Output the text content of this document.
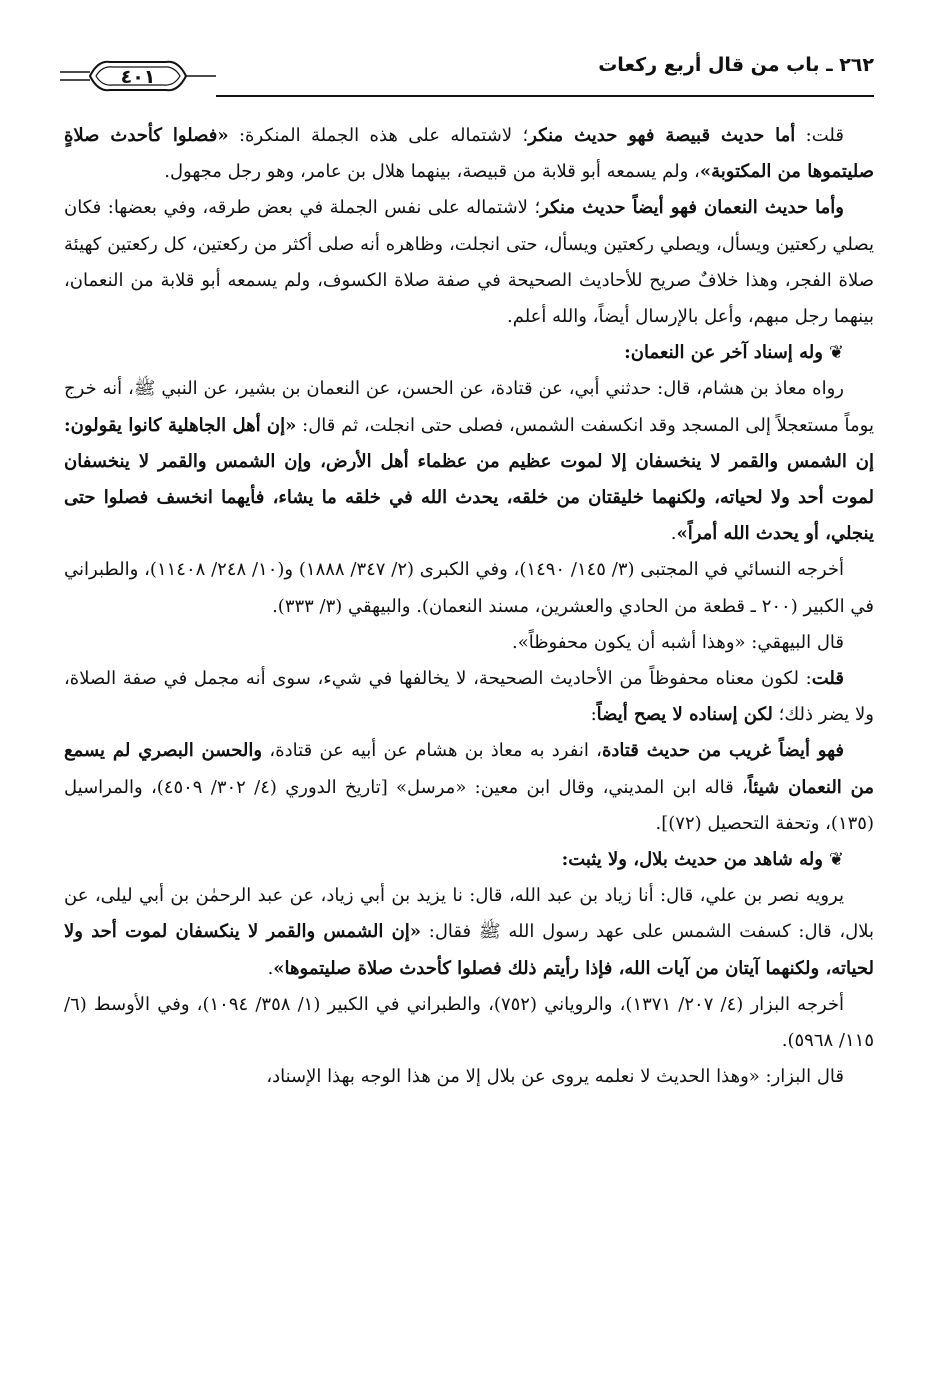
٢٦٢ ـ باب من قال أربع ركعات
٤٠١

قلت: أما حديث قبيصة فهو حديث منكر؛ لاشتماله على هذه الجملة المنكرة: «فصلوا كأحدث صلاةٍ صليتموها من المكتوبة»، ولم يسمعه أبو قلابة من قبيصة، بينهما هلال بن عامر، وهو رجل مجهول.

وأما حديث النعمان فهو أيضاً حديث منكر؛ لاشتماله على نفس الجملة في بعض طرقه، وفي بعضها: فكان يصلي ركعتين ويسأل، ويصلي ركعتين ويسأل، حتى انجلت، وظاهره أنه صلى أكثر من ركعتين، كل ركعتين كهيئة صلاة الفجر، وهذا خلافٌ صريح للأحاديث الصحيحة في صفة صلاة الكسوف، ولم يسمعه أبو قلابة من النعمان، بينهما رجل مبهم، وأعل بالإرسال أيضاً، والله أعلم.

❦وله إسناد آخر عن النعمان:

رواه معاذ بن هشام، قال: حدثني أبي، عن قتادة، عن الحسن، عن النعمان بن بشير، عن النبي ﷺ، أنه خرج يوماً مستعجلاً إلى المسجد وقد انكسفت الشمس، فصلى حتى انجلت، ثم قال: «إن أهل الجاهلية كانوا يقولون: إن الشمس والقمر لا ينخسفان إلا لموت عظيم من عظماء أهل الأرض، وإن الشمس والقمر لا ينخسفان لموت أحد ولا لحياته، ولكنهما خليقتان من خلقه، يحدث الله في خلقه ما يشاء، فأيهما انخسف فصلوا حتى ينجلي، أو يحدث الله أمراً».

أخرجه النسائي في المجتبى (٣/ ١٤٥/ ١٤٩٠)، وفي الكبرى (٢/ ٣٤٧/ ١٨٨٨) و(١٠/ ٢٤٨/ ١١٤٠٨)، والطبراني في الكبير (٢٠٠ ـ قطعة من الحادي والعشرين، مسند النعمان). والبيهقي (٣/ ٣٣٣).

قال البيهقي: «وهذا أشبه أن يكون محفوظاً».

قلت: لكون معناه محفوظاً من الأحاديث الصحيحة، لا يخالفها في شيء، سوى أنه مجمل في صفة الصلاة، ولا يضر ذلك؛ لكن إسناده لا يصح أيضاً:

فهو أيضاً غريب من حديث قتادة، انفرد به معاذ بن هشام عن أبيه عن قتادة، والحسن البصري لم يسمع من النعمان شيئاً، قاله ابن المديني، وقال ابن معين: «مرسل» [تاريخ الدوري (٤/ ٣٠٢/ ٤٥٠٩)، والمراسيل (١٣٥)، وتحفة التحصيل (٧٢)].

❦وله شاهد من حديث بلال، ولا يثبت:

يرويه نصر بن علي، قال: أنا زياد بن عبد الله، قال: نا يزيد بن أبي زياد، عن عبد الرحمٰن بن أبي ليلى، عن بلال، قال: كسفت الشمس على عهد رسول الله ﷺ فقال: «إن الشمس والقمر لا ينكسفان لموت أحد ولا لحياته، ولكنهما آيتان من آيات الله، فإذا رأيتم ذلك فصلوا كأحدث صلاة صليتموها».

أخرجه البزار (٤/ ٢٠٧/ ١٣٧١)، والروياني (٧٥٢)، والطبراني في الكبير (١/ ٣٥٨/ ١٠٩٤)، وفي الأوسط (٦/ ١١٥/ ٥٩٦٨).

قال البزار: «وهذا الحديث لا نعلمه يروى عن بلال إلا من هذا الوجه بهذا الإسناد،
